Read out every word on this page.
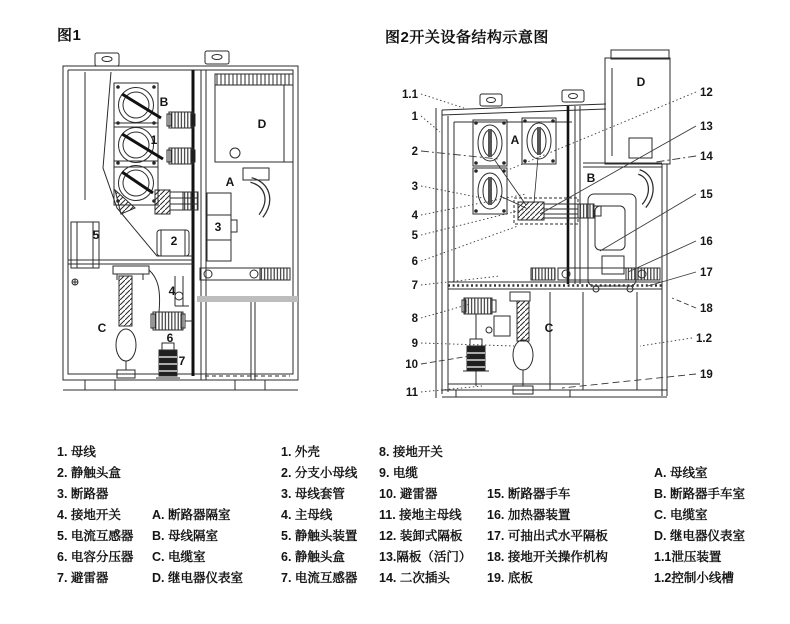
图1	图2开关设备结构示意图
B
1
D
A
3
2
5
4
C
6
7
1.1
1
2
3
4
5
6
7
8
9
10
11
12
13
14
15
16
17
18
1.2
19
A
D
B
C
1. 母线
2. 静触头盒
3. 断路器
4. 接地开关
5. 电流互感器
6. 电容分压器
7. 避雷器
A. 断路器隔室
B. 母线隔室
C. 电缆室
D. 继电器仪表室
1. 外壳
2. 分支小母线
3. 母线套管
4. 主母线
5. 静触头装置
6. 静触头盒
7. 电流互感器
8. 接地开关
9. 电缆
10. 避雷器
11. 接地主母线
12. 装卸式隔板
13.隔板（活门）
14. 二次插头
15. 断路器手车
16. 加热器装置
17. 可抽出式水平隔板
18. 接地开关操作机构
19. 底板
A. 母线室
B. 断路器手车室
C. 电缆室
D. 继电器仪表室
1.1泄压装置
1.2控制小线槽
